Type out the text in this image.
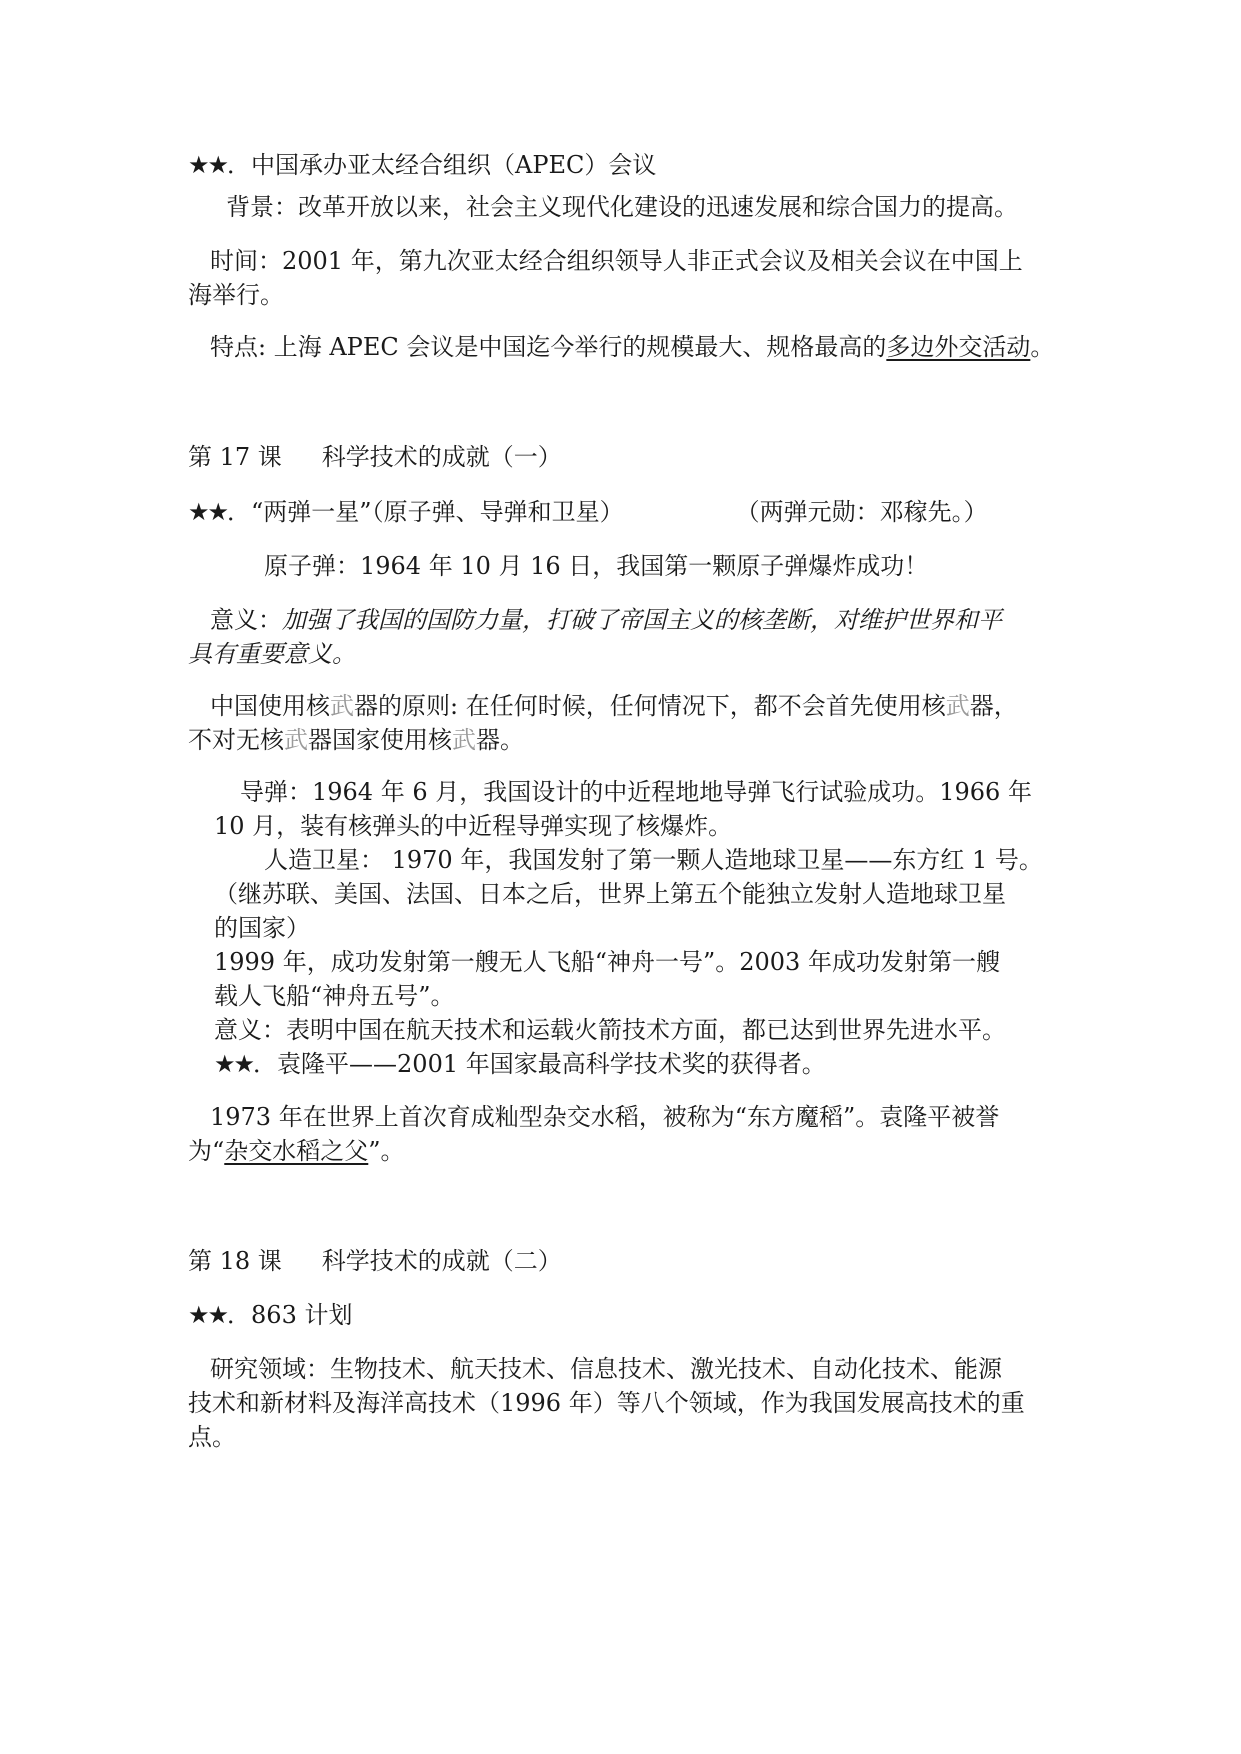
★★．中国承办亚太经合组织（APEC）会议
背景：改革开放以来，社会主义现代化建设的迅速发展和综合国力的提高。
时间：2001 年，第九次亚太经合组织领导人非正式会议及相关会议在中国上
海举行。
特点: 上海 APEC 会议是中国迄今举行的规模最大、规格最高的多边外交活动。
第 17 课 科学技术的成就（一）
★★．“两弹一星”（原子弹、导弹和卫星）	（两弹元勋：邓稼先。）
原子弹：1964 年 10 月 16 日，我国第一颗原子弹爆炸成功！
意义：加强了我国的国防力量，打破了帝国主义的核垄断，对维护世界和平
具有重要意义。
中国使用核武器的原则: 在任何时候，任何情况下，都不会首先使用核武器，
不对无核武器国家使用核武器。
导弹：1964 年 6 月，我国设计的中近程地地导弹飞行试验成功。1966 年
10 月，装有核弹头的中近程导弹实现了核爆炸。
人造卫星： 1970 年，我国发射了第一颗人造地球卫星——东方红 1 号。
（继苏联、美国、法国、日本之后，世界上第五个能独立发射人造地球卫星
的国家）
1999 年，成功发射第一艘无人飞船“神舟一号”。2003 年成功发射第一艘
载人飞船“神舟五号”。
意义：表明中国在航天技术和运载火箭技术方面，都已达到世界先进水平。
★★．袁隆平——2001 年国家最高科学技术奖的获得者。
1973 年在世界上首次育成籼型杂交水稻，被称为“东方魔稻”。袁隆平被誉
为“杂交水稻之父”。
第 18 课 科学技术的成就（二）
★★．863 计划
研究领域：生物技术、航天技术、信息技术、激光技术、自动化技术、能源
技术和新材料及海洋高技术（1996 年）等八个领域，作为我国发展高技术的重
点。
